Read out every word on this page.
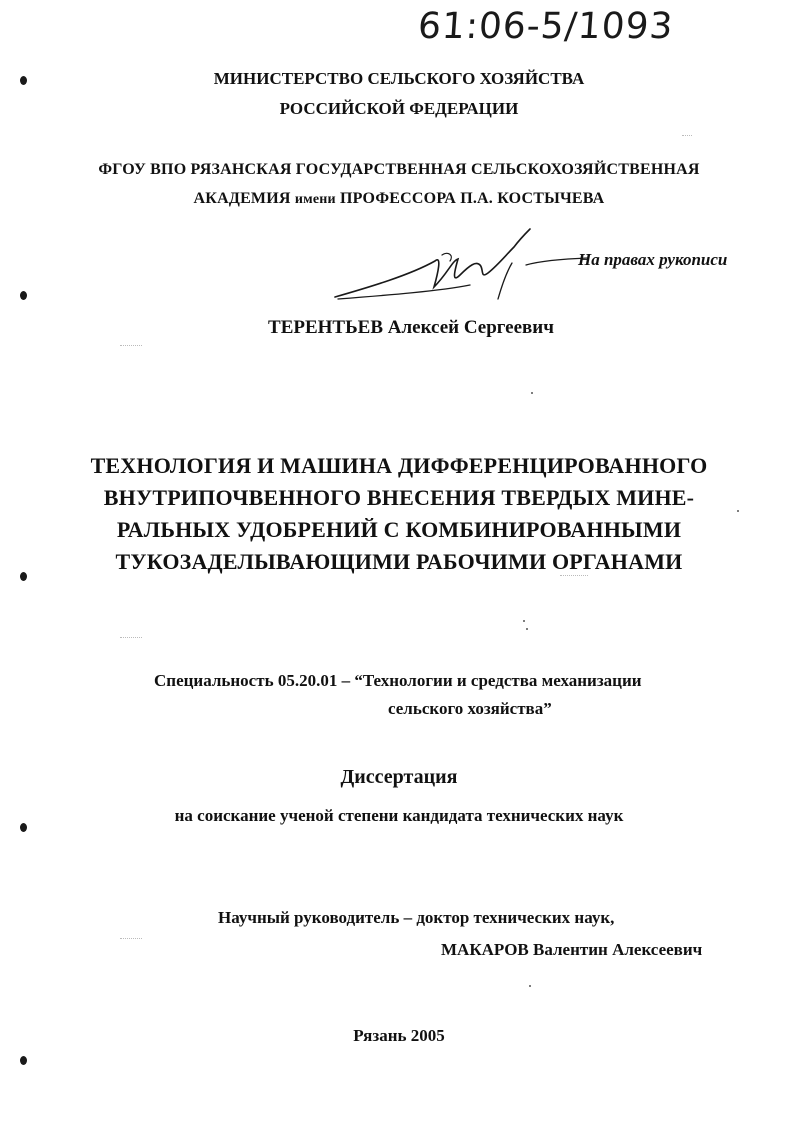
61:06-5/1093
МИНИСТЕРСТВО СЕЛЬСКОГО ХОЗЯЙСТВА
РОССИЙСКОЙ ФЕДЕРАЦИИ
ФГОУ ВПО РЯЗАНСКАЯ ГОСУДАРСТВЕННАЯ СЕЛЬСКОХОЗЯЙСТВЕННАЯ
АКАДЕМИЯ имени ПРОФЕССОРА П.А. КОСТЫЧЕВА
На правах рукописи
ТЕРЕНТЬЕВ Алексей Сергеевич
ТЕХНОЛОГИЯ И МАШИНА ДИФФЕРЕНЦИРОВАННОГО
ВНУТРИПОЧВЕННОГО ВНЕСЕНИЯ ТВЕРДЫХ МИНЕ-
РАЛЬНЫХ УДОБРЕНИЙ С КОМБИНИРОВАННЫМИ
ТУКОЗАДЕЛЫВАЮЩИМИ РАБОЧИМИ ОРГАНАМИ
Специальность 05.20.01 – “Технологии и средства механизации
сельского хозяйства”
Диссертация
на соискание ученой степени кандидата технических наук
Научный руководитель – доктор технических наук,
МАКАРОВ Валентин Алексеевич
Рязань 2005
